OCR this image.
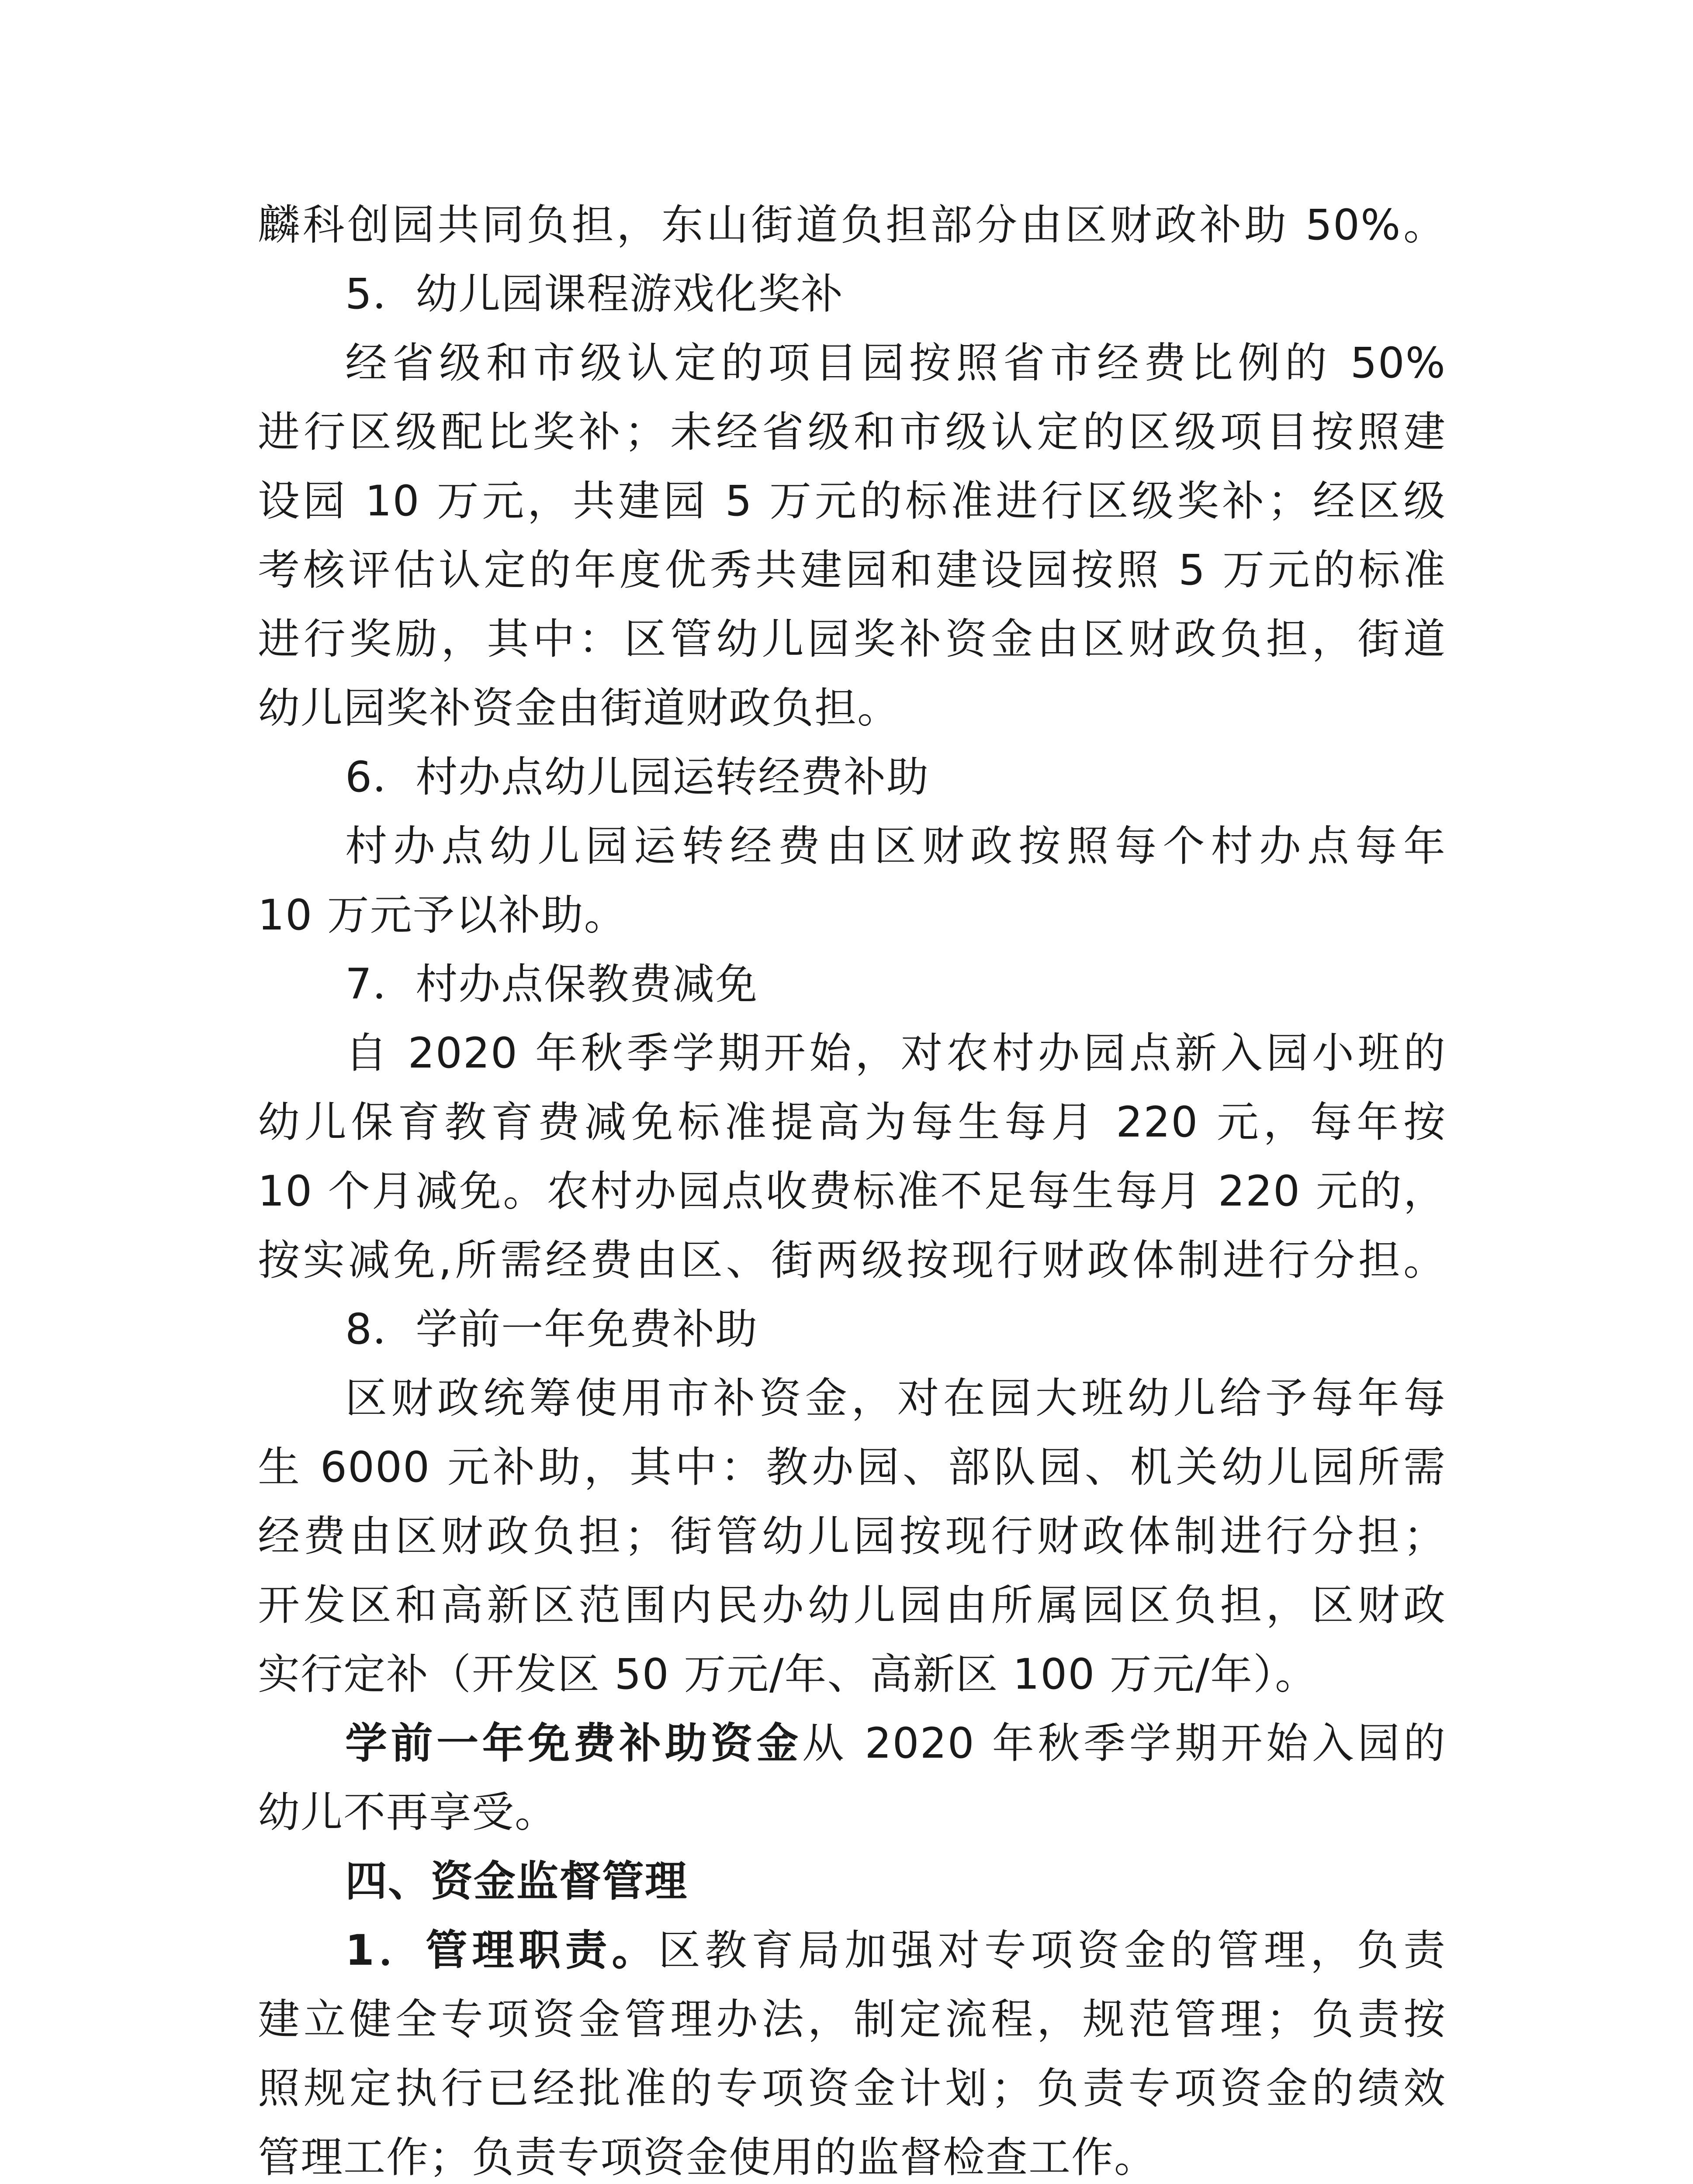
麟科创园共同负担，东山街道负担部分由区财政补助 50%。
5．幼儿园课程游戏化奖补
经省级和市级认定的项目园按照省市经费比例的 50%
进行区级配比奖补；未经省级和市级认定的区级项目按照建
设园 10 万元，共建园 5 万元的标准进行区级奖补；经区级
考核评估认定的年度优秀共建园和建设园按照 5 万元的标准
进行奖励，其中：区管幼儿园奖补资金由区财政负担，街道
幼儿园奖补资金由街道财政负担。
6．村办点幼儿园运转经费补助
村办点幼儿园运转经费由区财政按照每个村办点每年
10 万元予以补助。
7．村办点保教费减免
自 2020 年秋季学期开始，对农村办园点新入园小班的
幼儿保育教育费减免标准提高为每生每月 220 元，每年按
10 个月减免。农村办园点收费标准不足每生每月 220 元的，
按实减免,所需经费由区、街两级按现行财政体制进行分担。
8．学前一年免费补助
区财政统筹使用市补资金，对在园大班幼儿给予每年每
生 6000 元补助，其中：教办园、部队园、机关幼儿园所需
经费由区财政负担；街管幼儿园按现行财政体制进行分担；
开发区和高新区范围内民办幼儿园由所属园区负担，区财政
实行定补（开发区 50 万元/年、高新区 100 万元/年）。
学前一年免费补助资金从 2020 年秋季学期开始入园的
幼儿不再享受。
四、资金监督管理
1．管理职责。区教育局加强对专项资金的管理，负责
建立健全专项资金管理办法，制定流程，规范管理；负责按
照规定执行已经批准的专项资金计划；负责专项资金的绩效
管理工作；负责专项资金使用的监督检查工作。
